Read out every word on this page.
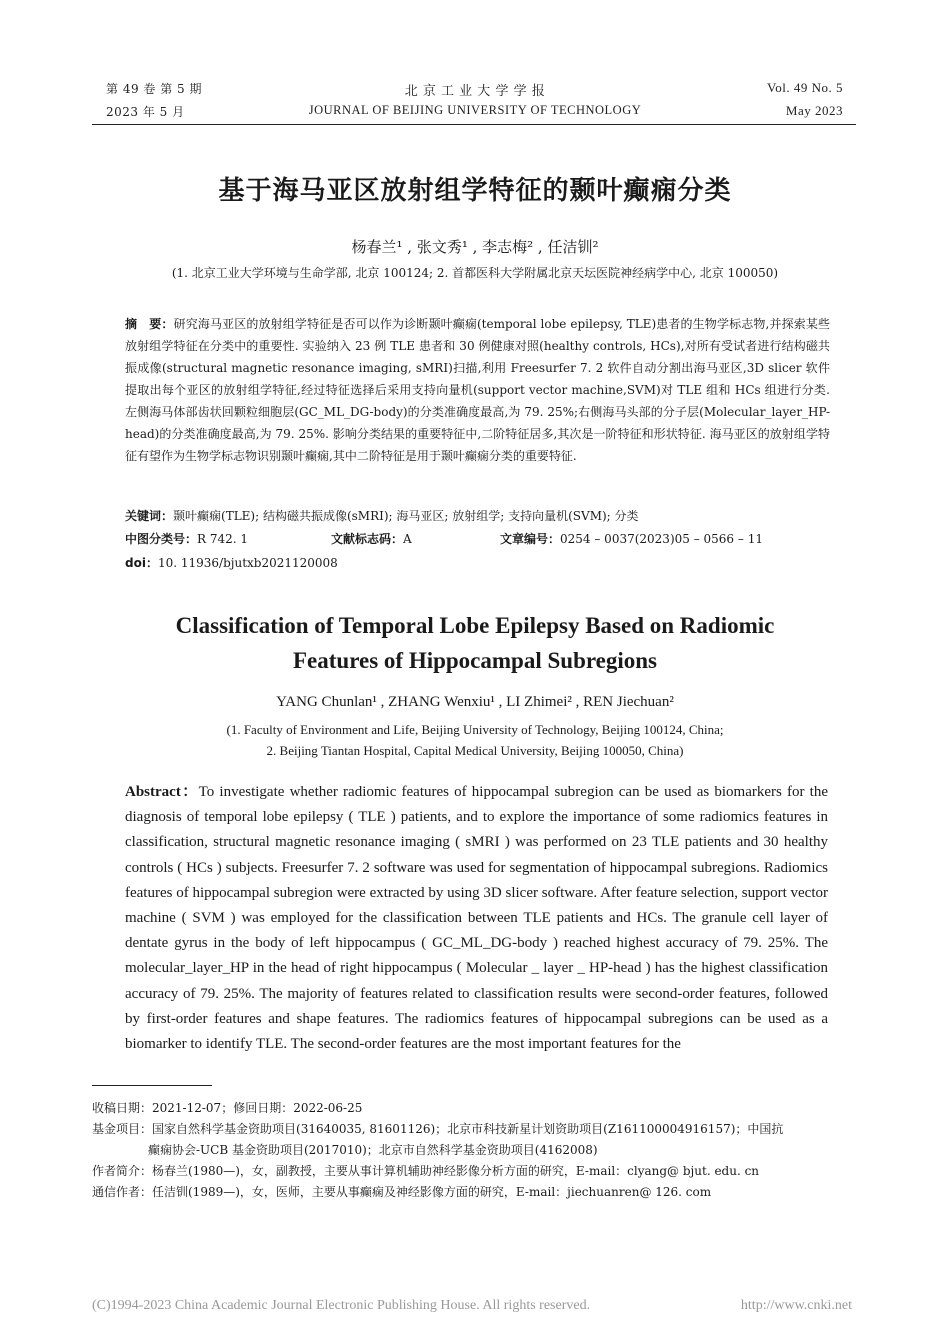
第 49 卷 第 5 期
2023 年 5 月
北 京 工 业 大 学 学 报
JOURNAL OF BEIJING UNIVERSITY OF TECHNOLOGY
Vol. 49 No. 5
May 2023
基于海马亚区放射组学特征的颞叶癫痫分类
杨春兰¹ , 张文秀¹ , 李志梅² , 任洁钏²
(1. 北京工业大学环境与生命学部, 北京 100124; 2. 首都医科大学附属北京天坛医院神经病学中心, 北京 100050)
摘　要：研究海马亚区的放射组学特征是否可以作为诊断颞叶癫痫(temporal lobe epilepsy, TLE)患者的生物学标志物,并探索某些放射组学特征在分类中的重要性. 实验纳入 23 例 TLE 患者和 30 例健康对照(healthy controls, HCs),对所有受试者进行结构磁共振成像(structural magnetic resonance imaging, sMRI)扫描,利用 Freesurfer 7. 2 软件自动分割出海马亚区,3D slicer 软件提取出每个亚区的放射组学特征,经过特征选择后采用支持向量机(support vector machine,SVM)对 TLE 组和 HCs 组进行分类. 左侧海马体部齿状回颗粒细胞层(GC_ML_DG-body)的分类准确度最高,为 79. 25%;右侧海马头部的分子层(Molecular_layer_HP-head)的分类准确度最高,为 79. 25%. 影响分类结果的重要特征中,二阶特征居多,其次是一阶特征和形状特征. 海马亚区的放射组学特征有望作为生物学标志物识别颞叶癫痫,其中二阶特征是用于颞叶癫痫分类的重要特征.
关键词：颞叶癫痫(TLE); 结构磁共振成像(sMRI); 海马亚区; 放射组学; 支持向量机(SVM); 分类
中图分类号：R 742. 1	文献标志码：A	文章编号：0254 – 0037(2023)05 – 0566 – 11
doi：10. 11936/bjutxb2021120008
Classification of Temporal Lobe Epilepsy Based on Radiomic
Features of Hippocampal Subregions
YANG Chunlan¹ , ZHANG Wenxiu¹ , LI Zhimei² , REN Jiechuan²
(1. Faculty of Environment and Life, Beijing University of Technology, Beijing 100124, China;
2. Beijing Tiantan Hospital, Capital Medical University, Beijing 100050, China)
Abstract：To investigate whether radiomic features of hippocampal subregion can be used as biomarkers for the diagnosis of temporal lobe epilepsy ( TLE ) patients, and to explore the importance of some radiomics features in classification, structural magnetic resonance imaging ( sMRI ) was performed on 23 TLE patients and 30 healthy controls ( HCs ) subjects. Freesurfer 7. 2 software was used for segmentation of hippocampal subregions. Radiomics features of hippocampal subregion were extracted by using 3D slicer software. After feature selection, support vector machine ( SVM ) was employed for the classification between TLE patients and HCs. The granule cell layer of dentate gyrus in the body of left hippocampus ( GC_ML_DG-body ) reached highest accuracy of 79. 25%. The molecular_layer_HP in the head of right hippocampus ( Molecular _ layer _ HP-head ) has the highest classification accuracy of 79. 25%. The majority of features related to classification results were second-order features, followed by first-order features and shape features. The radiomics features of hippocampal subregions can be used as a biomarker to identify TLE. The second-order features are the most important features for the
收稿日期：2021-12-07；修回日期：2022-06-25
基金项目：国家自然科学基金资助项目(31640035, 81601126)；北京市科技新星计划资助项目(Z161100004916157)；中国抗
癫痫协会-UCB 基金资助项目(2017010)；北京市自然科学基金资助项目(4162008)
作者简介：杨春兰(1980—)，女，副教授，主要从事计算机辅助神经影像分析方面的研究，E-mail：clyang@ bjut. edu. cn
通信作者：任洁钏(1989—)，女，医师，主要从事癫痫及神经影像方面的研究，E-mail：jiechuanren@ 126. com
(C)1994-2023 China Academic Journal Electronic Publishing House. All rights reserved.	http://www.cnki.net
